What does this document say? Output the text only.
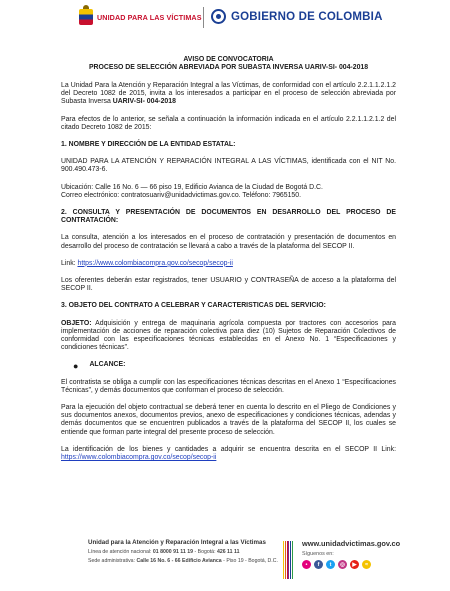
UNIDAD PARA LAS VÍCTIMAS	GOBIERNO DE COLOMBIA
AVISO DE CONVOCATORIA
PROCESO DE SELECCIÓN ABREVIADA POR SUBASTA INVERSA UARIV-SI- 004-2018

La Unidad Para la Atención y Reparación Integral a las Víctimas, de conformidad con el artículo 2.2.1.1.2.1.2 del Decreto 1082 de 2015, invita a los interesados a participar en el proceso de selección abreviada por Subasta Inversa UARIV-SI- 004-2018

Para efectos de lo anterior, se señala a continuación la información indicada en el artículo 2.2.1.1.2.1.2 del citado Decreto 1082 de 2015:

1. NOMBRE Y DIRECCIÓN DE LA ENTIDAD ESTATAL:

UNIDAD PARA LA ATENCIÓN Y REPARACIÓN INTEGRAL A LAS VÍCTIMAS, identificada con el NIT No. 900.490.473-6.

Ubicación: Calle 16 No. 6 — 66 piso 19, Edificio Avianca de la Ciudad de Bogotá D.C.

Correo electrónico: contratosuariv@unidadvictimas.gov.co. Teléfono: 7965150.

2. CONSULTA Y PRESENTACIÓN DE DOCUMENTOS EN DESARROLLO DEL PROCESO DE CONTRATACIÓN:

La consulta, atención a los interesados en el proceso de contratación y presentación de documentos en desarrollo del proceso de contratación se llevará a cabo a través de la plataforma del SECOP II.

Link: https://www.colombiacompra.gov.co/secop/secop-ii

Los oferentes deberán estar registrados, tener USUARIO y CONTRASEÑA de acceso a la plataforma del SECOP II.

3. OBJETO DEL CONTRATO A CELEBRAR Y CARACTERISTICAS DEL SERVICIO:

OBJETO: Adquisición y entrega de maquinaria agrícola compuesta por tractores con accesorios para implementación de acciones de reparación colectiva para diez (10) Sujetos de Reparación Colectivos de conformidad con las especificaciones técnicas establecidas en el Anexo No. 1 “Especificaciones y condiciones técnicas”.

● ALCANCE:

El contratista se obliga a cumplir con las especificaciones técnicas descritas en el Anexo 1 “Especificaciones Técnicas”, y demás documentos que conforman el proceso de selección.

Para la ejecución del objeto contractual se deberá tener en cuenta lo descrito en el Pliego de Condiciones y sus documentos anexos, documentos previos, anexo de especificaciones y condiciones técnicas, adendas y demás documentos que se encuentren publicados a través de la plataforma del SECOP II, los cuales se entiende que forman parte integral del presente proceso de selección.

La identificación de los bienes y cantidades a adquirir se encuentra descrita en el SECOP II Link: https://www.colombiacompra.gov.co/secop/secop-ii

Unidad para la Atención y Reparación Integral a las Víctimas
Línea de atención nacional: 01 8000 91 11 19 - Bogotá: 426 11 11
Sede administrativa: Calle 16 No. 6 - 66 Edificio Avianca - Piso 19 - Bogotá, D.C.
www.unidadvictimas.gov.co
Síguenos en:
•	f	t	◎	▶	≈
